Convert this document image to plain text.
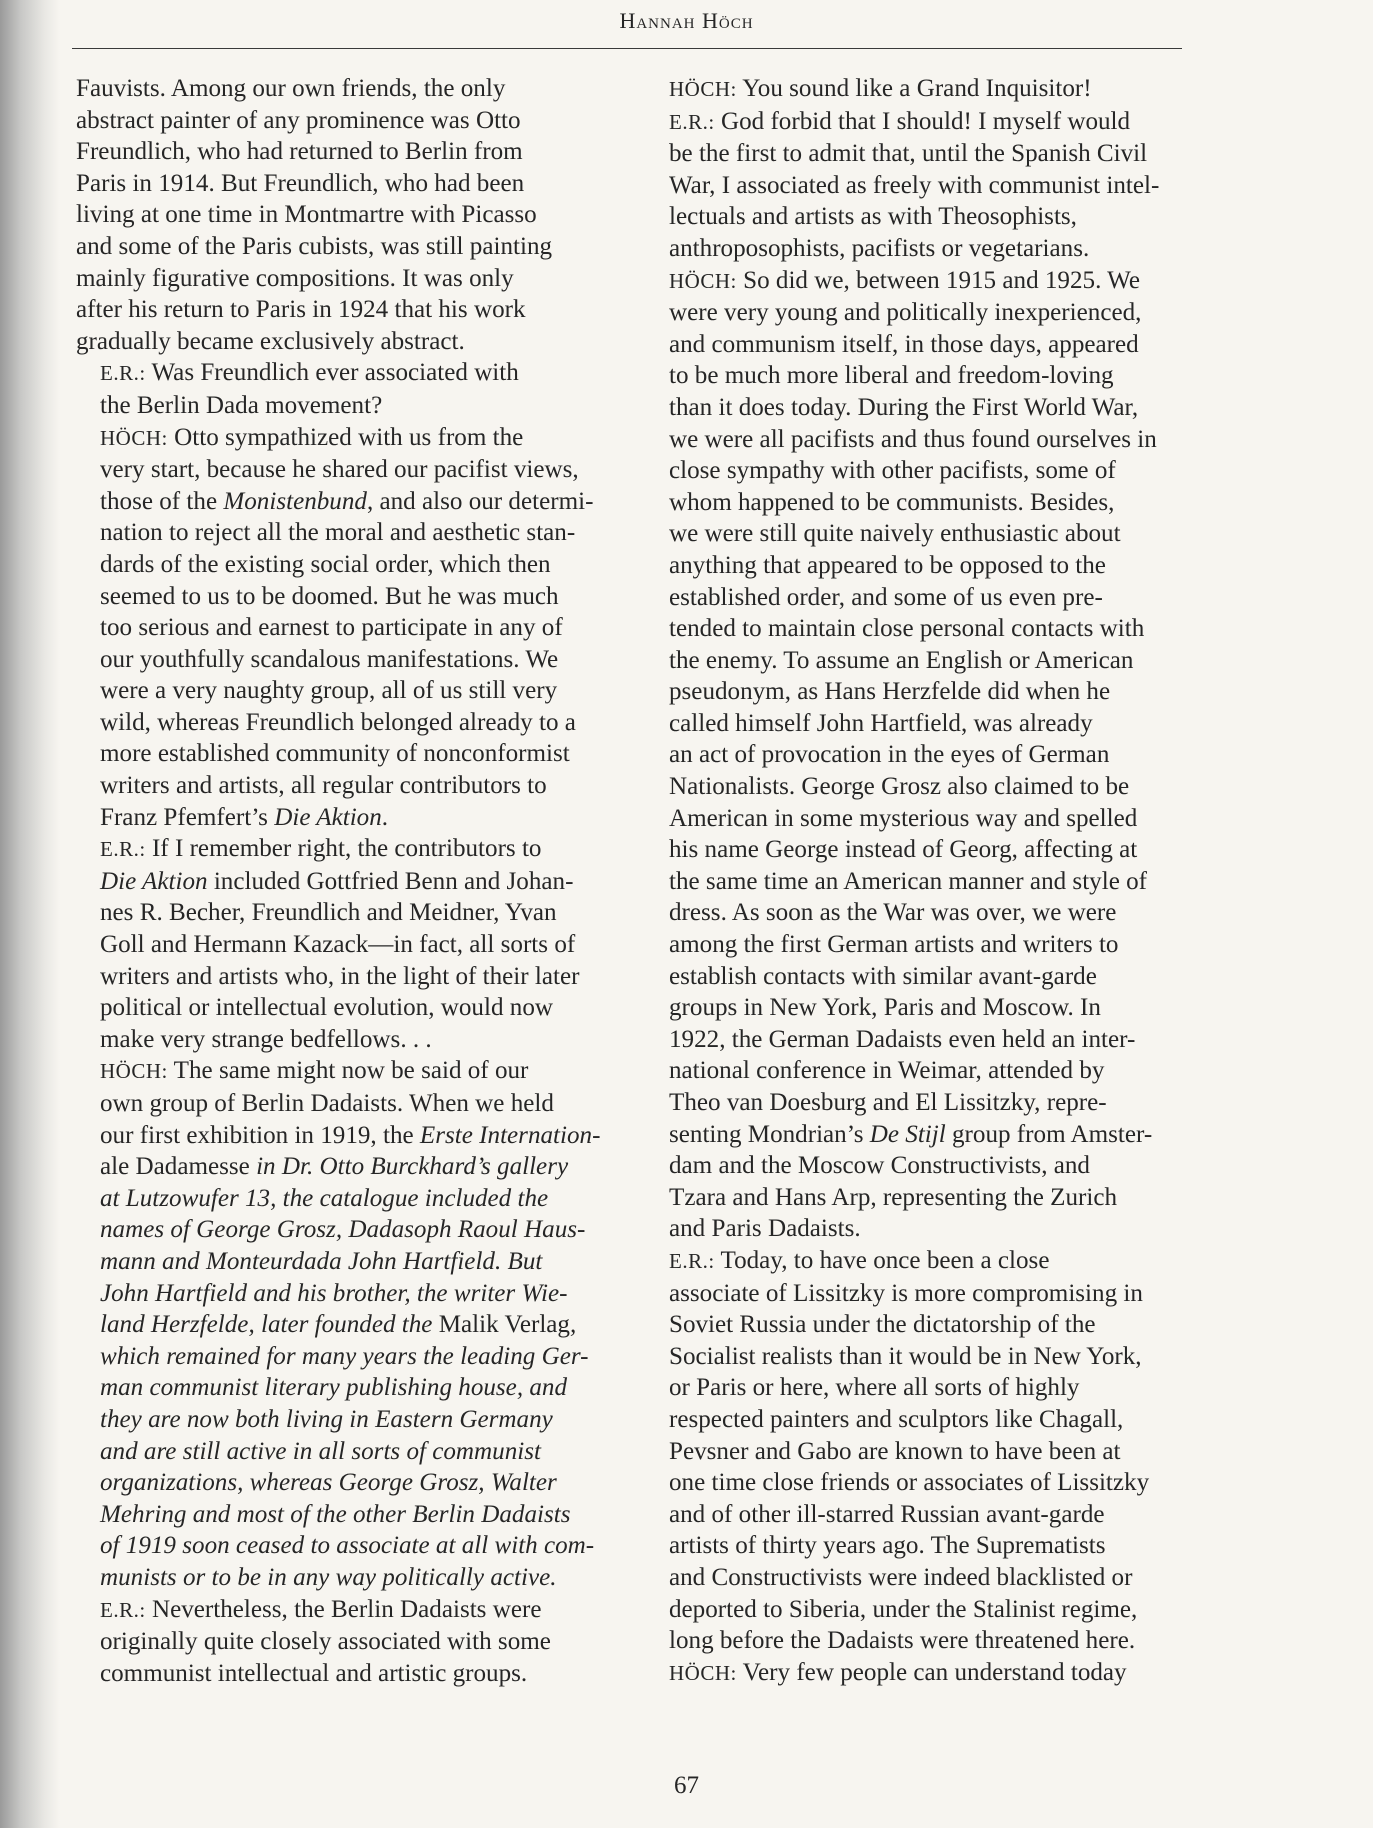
Hannah Höch

Fauvists. Among our own friends, the only
abstract painter of any prominence was Otto
Freundlich, who had returned to Berlin from
Paris in 1914. But Freundlich, who had been
living at one time in Montmartre with Picasso
and some of the Paris cubists, was still painting
mainly figurative compositions. It was only
after his return to Paris in 1924 that his work
gradually became exclusively abstract.

E.R.: Was Freundlich ever associated with
the Berlin Dada movement?

HÖCH: Otto sympathized with us from the
very start, because he shared our pacifist views,
those of the Monistenbund, and also our determi-
nation to reject all the moral and aesthetic stan-
dards of the existing social order, which then
seemed to us to be doomed. But he was much
too serious and earnest to participate in any of
our youthfully scandalous manifestations. We
were a very naughty group, all of us still very
wild, whereas Freundlich belonged already to a
more established community of nonconformist
writers and artists, all regular contributors to
Franz Pfemfert’s Die Aktion.

E.R.: If I remember right, the contributors to
Die Aktion included Gottfried Benn and Johan-
nes R. Becher, Freundlich and Meidner, Yvan
Goll and Hermann Kazack—in fact, all sorts of
writers and artists who, in the light of their later
political or intellectual evolution, would now
make very strange bedfellows. . .

HÖCH: The same might now be said of our
own group of Berlin Dadaists. When we held
our first exhibition in 1919, the Erste Internation-
ale Dadamesse in Dr. Otto Burckhard’s gallery
at Lutzowufer 13, the catalogue included the
names of George Grosz, Dadasoph Raoul Haus-
mann and Monteurdada John Hartfield. But
John Hartfield and his brother, the writer Wie-
land Herzfelde, later founded the Malik Verlag,
which remained for many years the leading Ger-
man communist literary publishing house, and
they are now both living in Eastern Germany
and are still active in all sorts of communist
organizations, whereas George Grosz, Walter
Mehring and most of the other Berlin Dadaists
of 1919 soon ceased to associate at all with com-
munists or to be in any way politically active.

E.R.: Nevertheless, the Berlin Dadaists were
originally quite closely associated with some
communist intellectual and artistic groups.

HÖCH: You sound like a Grand Inquisitor!

E.R.: God forbid that I should! I myself would
be the first to admit that, until the Spanish Civil
War, I associated as freely with communist intel-
lectuals and artists as with Theosophists,
anthroposophists, pacifists or vegetarians.

HÖCH: So did we, between 1915 and 1925. We
were very young and politically inexperienced,
and communism itself, in those days, appeared
to be much more liberal and freedom-loving
than it does today. During the First World War,
we were all pacifists and thus found ourselves in
close sympathy with other pacifists, some of
whom happened to be communists. Besides,
we were still quite naively enthusiastic about
anything that appeared to be opposed to the
established order, and some of us even pre-
tended to maintain close personal contacts with
the enemy. To assume an English or American
pseudonym, as Hans Herzfelde did when he
called himself John Hartfield, was already
an act of provocation in the eyes of German
Nationalists. George Grosz also claimed to be
American in some mysterious way and spelled
his name George instead of Georg, affecting at
the same time an American manner and style of
dress. As soon as the War was over, we were
among the first German artists and writers to
establish contacts with similar avant-garde
groups in New York, Paris and Moscow. In
1922, the German Dadaists even held an inter-
national conference in Weimar, attended by
Theo van Doesburg and El Lissitzky, repre-
senting Mondrian’s De Stijl group from Amster-
dam and the Moscow Constructivists, and
Tzara and Hans Arp, representing the Zurich
and Paris Dadaists.

E.R.: Today, to have once been a close
associate of Lissitzky is more compromising in
Soviet Russia under the dictatorship of the
Socialist realists than it would be in New York,
or Paris or here, where all sorts of highly
respected painters and sculptors like Chagall,
Pevsner and Gabo are known to have been at
one time close friends or associates of Lissitzky
and of other ill-starred Russian avant-garde
artists of thirty years ago. The Suprematists
and Constructivists were indeed blacklisted or
deported to Siberia, under the Stalinist regime,
long before the Dadaists were threatened here.

HÖCH: Very few people can understand today

67
